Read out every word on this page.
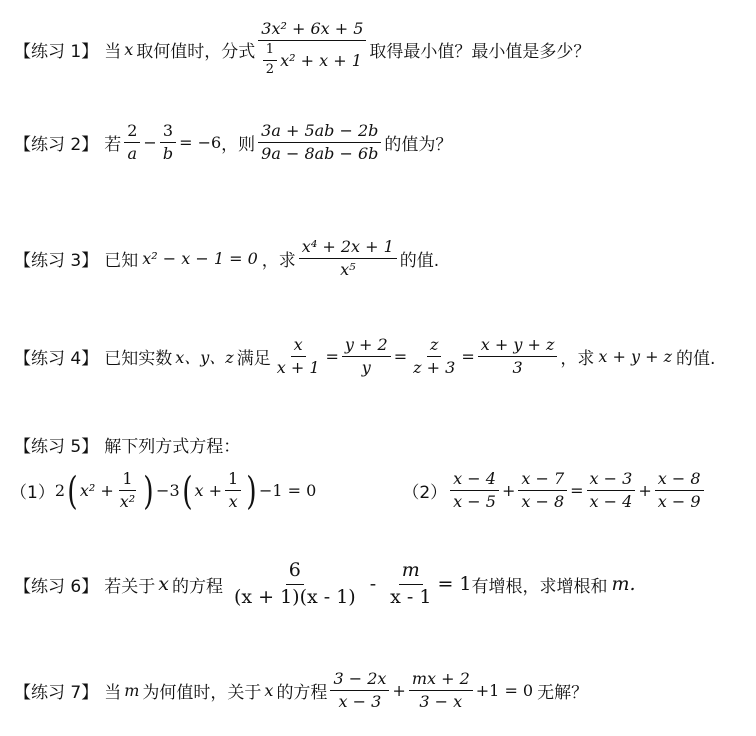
【练习 1】 当 x 取何值时，分式 $\frac{\text{3x² + 6x + 5}}{\frac{1}{2} x^2 + x + 1}$ 取得最小值？最小值是多少？
【练习 2】 若 $\frac{2}{a} - \frac{3}{b} = -6$ ，则 $\frac{3a + 5ab - 2b}{9a - 8ab - 6b}$ 的值为？
【练习 3】 已知 x² − x − 1 = 0 ，求 $\frac{\text{x⁴ + 2x + 1}}{\text{x⁵}}$ 的值.
【练习 4】 已知实数 x、y、z 满足 $\frac{x}{x + 1} = \frac{y + 2}{y} = \frac{z}{z + 3} = \frac{x + y + z}{3}$ ，求 x + y + z 的值.
【练习 5】 解下列方式方程：
（1） 2 ( $x^2 + \frac{1}{\text{x²}}$ ) −3 ( $x + \frac{1}{x}$ ) −1 = 0	$(2) \frac{x - 4}{x - 5} + \frac{x - 7}{x - 8} = \frac{x - 3}{x - 4} + \frac{x - 8}{x - 9}$
【练习 6】 若关于 x 的方程 $\frac{6}{(x + 1)(x - 1)} - \frac{m}{x - 1} = 1$ 有增根，求增根和 m.
【练习 7】 当 m 为何值时，关于 x 的方程 $\frac{3 - 2x}{x - 3} + \frac{mx + 2}{3 - x} +1 = 0$ 无解？
